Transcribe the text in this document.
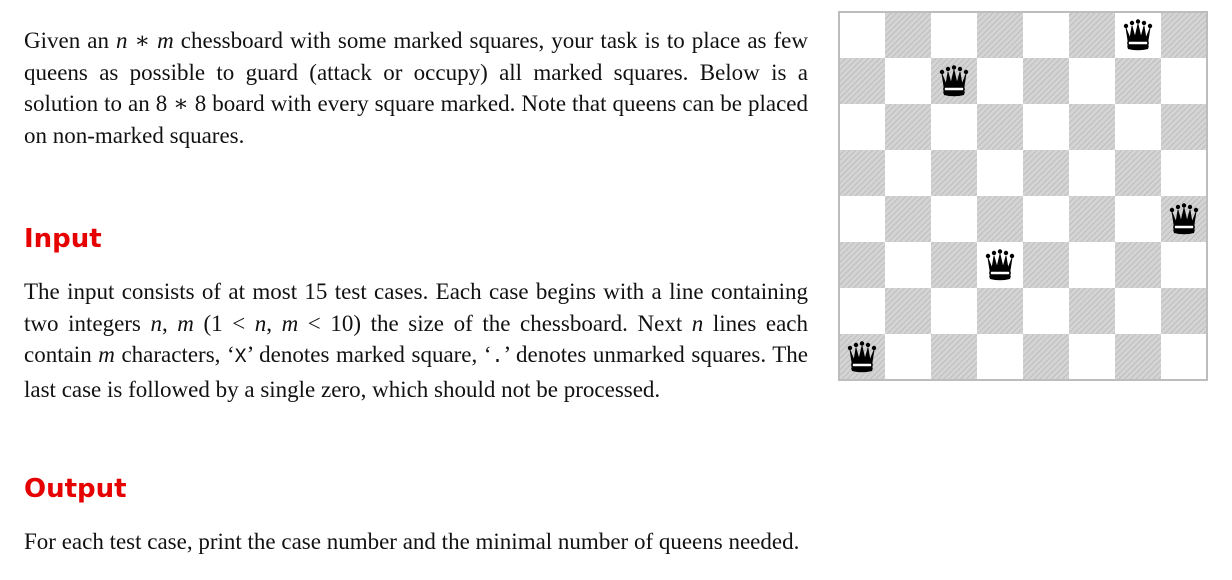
Given an n ∗ m chessboard with some marked squares, your task is to place as few queens as possible to guard (attack or occupy) all marked squares. Below is a solution to an 8 ∗ 8 board with every square marked. Note that queens can be placed on non-marked squares.

Input

The input consists of at most 15 test cases. Each case begins with a line containing two integers n, m (1 < n, m < 10) the size of the chessboard. Next n lines each contain m characters, ‘X’ denotes marked square, ‘.’ denotes unmarked squares. The last case is followed by a single zero, which should not be processed.

Output

For each test case, print the case number and the minimal number of queens needed.
